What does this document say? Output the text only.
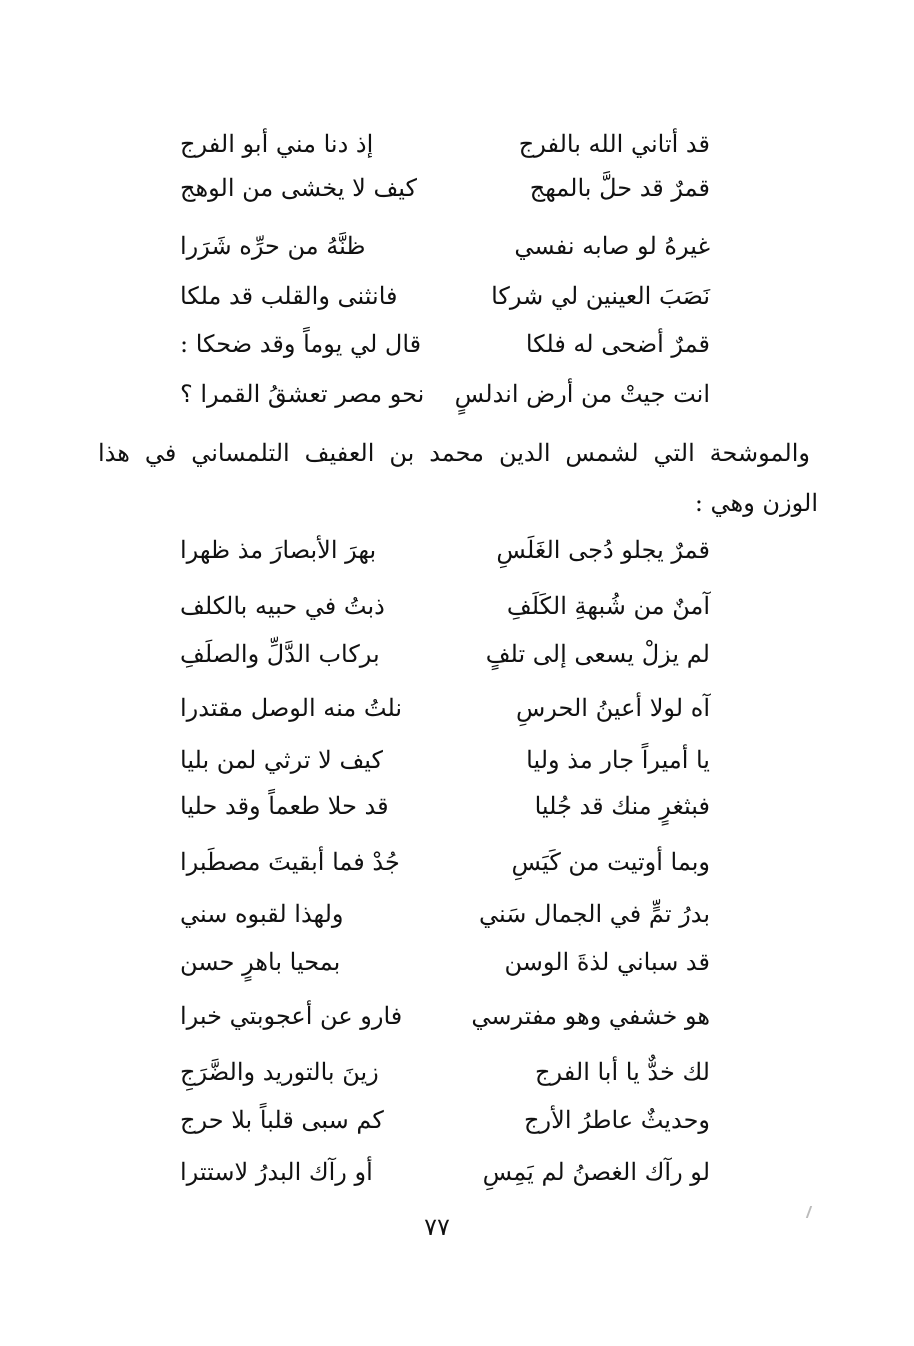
قد أتاني الله بالفرج
إذ دنا مني أبو الفرج
قمرٌ قد حلَّ بالمهج
كيف لا يخشى من الوهج
غيرهُ لو صابه نفسي
ظنَّهُ من حرِّه شَرَرا
نَصَبَ العينين لي شركا
فانثنى والقلب قد ملكا
قمرٌ أضحى له فلكا
قال لي يوماً وقد ضحكا :
انت جيتْ من أرض اندلسٍ
نحو مصر تعشقُ القمرا ؟
والموشحة التي لشمس الدين محمد بن العفيف التلمساني في هذا
الوزن وهي :
قمرٌ يجلو دُجى الغَلَسِ
بهرَ الأبصارَ مذ ظهرا
آمنٌ من شُبهةِ الكَلَفِ
ذبتُ في حبيه بالكلف
لم يزلْ يسعى إلى تلفٍ
بركاب الدَّلِّ والصلَفِ
آه لولا أعينُ الحرسِ
نلتُ منه الوصل مقتدرا
يا أميراً جار مذ وليا
كيف لا ترثي لمن بليا
فبثغرٍ منك قد جُليا
قد حلا طعماً وقد حليا
وبما أوتيت من كَيَسِ
جُدْ فما أبقيتَ مصطَبرا
بدرُ تمٍّ في الجمال سَني
ولهذا لقبوه سني
قد سباني لذةَ الوسن
بمحيا باهرٍ حسن
هو خشفي وهو مفترسي
فارو عن أعجوبتي خبرا
لك خدٌّ يا أبا الفرج
زينَ بالتوريد والضَّرَجِ
وحديثٌ عاطرُ الأرج
كم سبى قلباً بلا حرج
لو رآك الغصنُ لم يَمِسِ
أو رآك البدرُ لاستترا
٧٧
